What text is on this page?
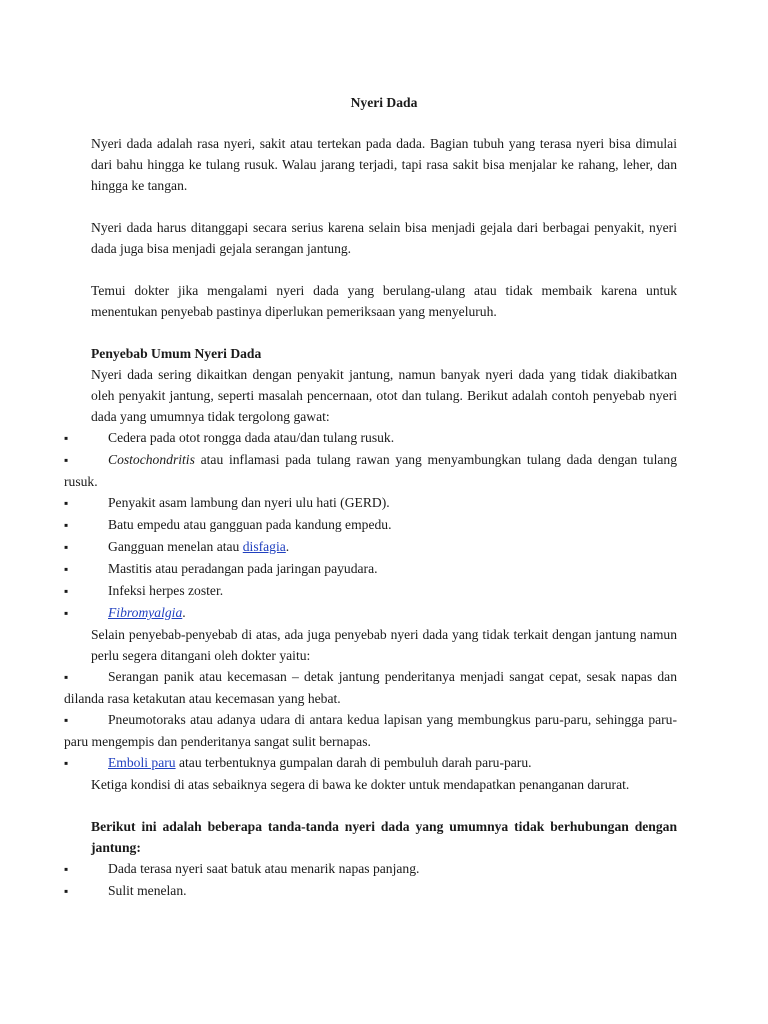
Nyeri Dada

Nyeri dada adalah rasa nyeri, sakit atau tertekan pada dada. Bagian tubuh yang terasa nyeri bisa dimulai dari bahu hingga ke tulang rusuk. Walau jarang terjadi, tapi rasa sakit bisa menjalar ke rahang, leher, dan hingga ke tangan.

Nyeri dada harus ditanggapi secara serius karena selain bisa menjadi gejala dari berbagai penyakit, nyeri dada juga bisa menjadi gejala serangan jantung.

Temui dokter jika mengalami nyeri dada yang berulang-ulang atau tidak membaik karena untuk menentukan penyebab pastinya diperlukan pemeriksaan yang menyeluruh.

Penyebab Umum Nyeri Dada

Nyeri dada sering dikaitkan dengan penyakit jantung, namun banyak nyeri dada yang tidak diakibatkan oleh penyakit jantung, seperti masalah pencernaan, otot dan tulang. Berikut adalah contoh penyebab nyeri dada yang umumnya tidak tergolong gawat:

▪	Cedera pada otot rongga dada atau/dan tulang rusuk.
▪	Costochondritis atau inflamasi pada tulang rawan yang menyambungkan tulang dada dengan tulang rusuk.
▪	Penyakit asam lambung dan nyeri ulu hati (GERD).
▪	Batu empedu atau gangguan pada kandung empedu.
▪	Gangguan menelan atau disfagia.
▪	Mastitis atau peradangan pada jaringan payudara.
▪	Infeksi herpes zoster.
▪	Fibromyalgia.

Selain penyebab-penyebab di atas, ada juga penyebab nyeri dada yang tidak terkait dengan jantung namun perlu segera ditangani oleh dokter yaitu:

▪	Serangan panik atau kecemasan – detak jantung penderitanya menjadi sangat cepat, sesak napas dan dilanda rasa ketakutan atau kecemasan yang hebat.
▪	Pneumotoraks atau adanya udara di antara kedua lapisan yang membungkus paru-paru, sehingga paru-paru mengempis dan penderitanya sangat sulit bernapas.
▪	Emboli paru atau terbentuknya gumpalan darah di pembuluh darah paru-paru.

Ketiga kondisi di atas sebaiknya segera di bawa ke dokter untuk mendapatkan penanganan darurat.

Berikut ini adalah beberapa tanda-tanda nyeri dada yang umumnya tidak berhubungan dengan jantung:

▪	Dada terasa nyeri saat batuk atau menarik napas panjang.
▪	Sulit menelan.
